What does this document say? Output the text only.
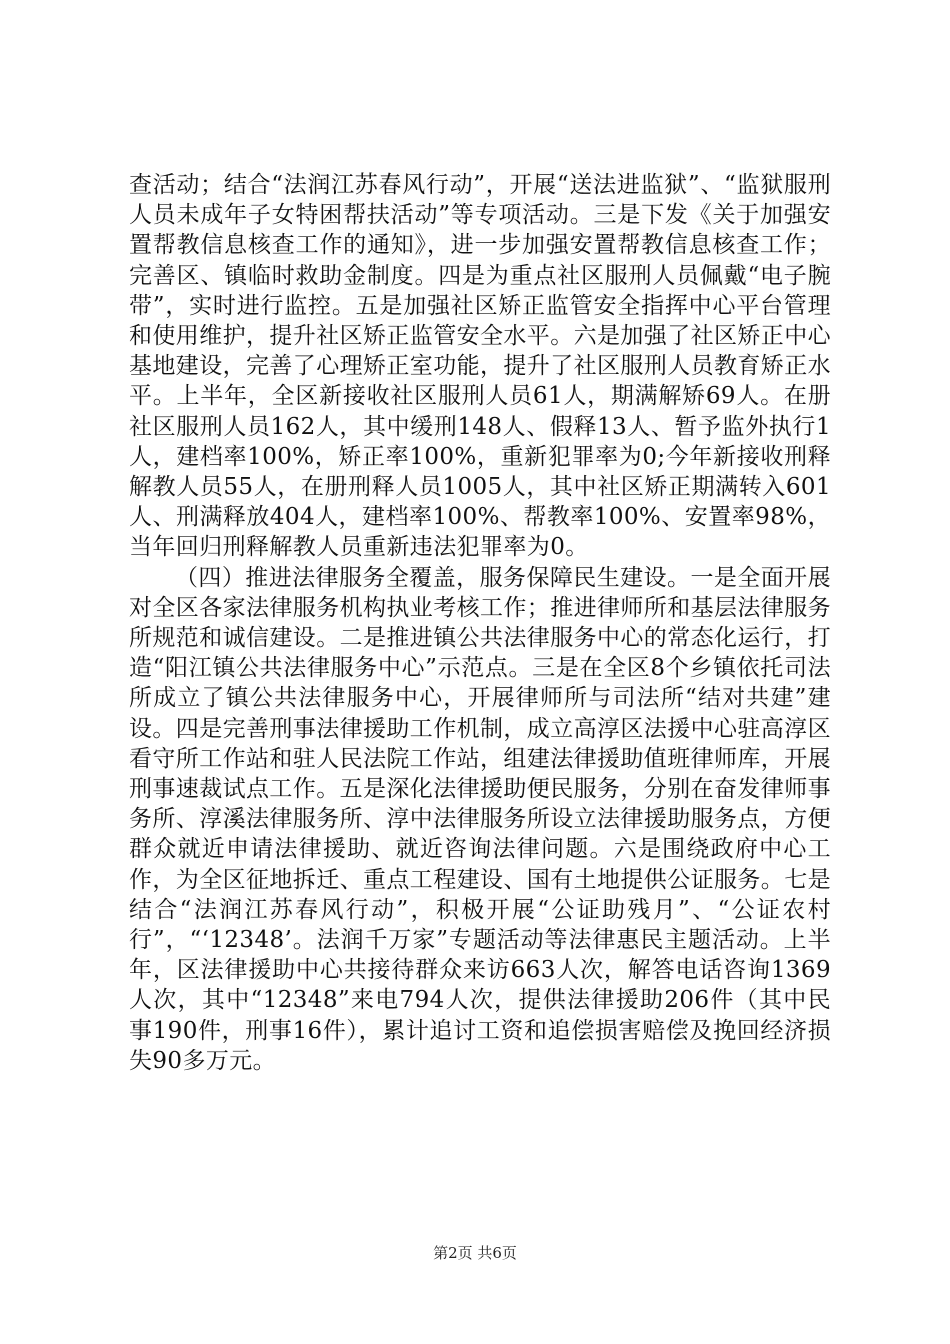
查活动；结合“法润江苏春风行动”，开展“送法进监狱”、“监狱服刑人员未成年子女特困帮扶活动”等专项活动。三是下发《关于加强安置帮教信息核查工作的通知》，进一步加强安置帮教信息核查工作；完善区、镇临时救助金制度。四是为重点社区服刑人员佩戴“电子腕带”，实时进行监控。五是加强社区矫正监管安全指挥中心平台管理和使用维护，提升社区矫正监管安全水平。六是加强了社区矫正中心基地建设，完善了心理矫正室功能，提升了社区服刑人员教育矫正水平。上半年，全区新接收社区服刑人员61人，期满解矫69人。在册社区服刑人员162人，其中缓刑148人、假释13人、暂予监外执行1人，建档率100%，矫正率100%，重新犯罪率为0;今年新接收刑释解教人员55人，在册刑释人员1005人，其中社区矫正期满转入601人、刑满释放404人，建档率100%、帮教率100%、安置率98%，当年回归刑释解教人员重新违法犯罪率为0。

（四）推进法律服务全覆盖，服务保障民生建设。一是全面开展对全区各家法律服务机构执业考核工作；推进律师所和基层法律服务所规范和诚信建设。二是推进镇公共法律服务中心的常态化运行，打造“阳江镇公共法律服务中心”示范点。三是在全区8个乡镇依托司法所成立了镇公共法律服务中心，开展律师所与司法所“结对共建”建设。四是完善刑事法律援助工作机制，成立高淳区法援中心驻高淳区看守所工作站和驻人民法院工作站，组建法律援助值班律师库，开展刑事速裁试点工作。五是深化法律援助便民服务，分别在奋发律师事务所、淳溪法律服务所、淳中法律服务所设立法律援助服务点，方便群众就近申请法律援助、就近咨询法律问题。六是围绕政府中心工作，为全区征地拆迁、重点工程建设、国有土地提供公证服务。七是结合“法润江苏春风行动”，积极开展“公证助残月”、“公证农村行”，“‘12348’。法润千万家”专题活动等法律惠民主题活动。上半年，区法律援助中心共接待群众来访663人次，解答电话咨询1369人次，其中“12348”来电794人次，提供法律援助206件（其中民事190件，刑事16件），累计追讨工资和追偿损害赔偿及挽回经济损失90多万元。

第2页 共6页
